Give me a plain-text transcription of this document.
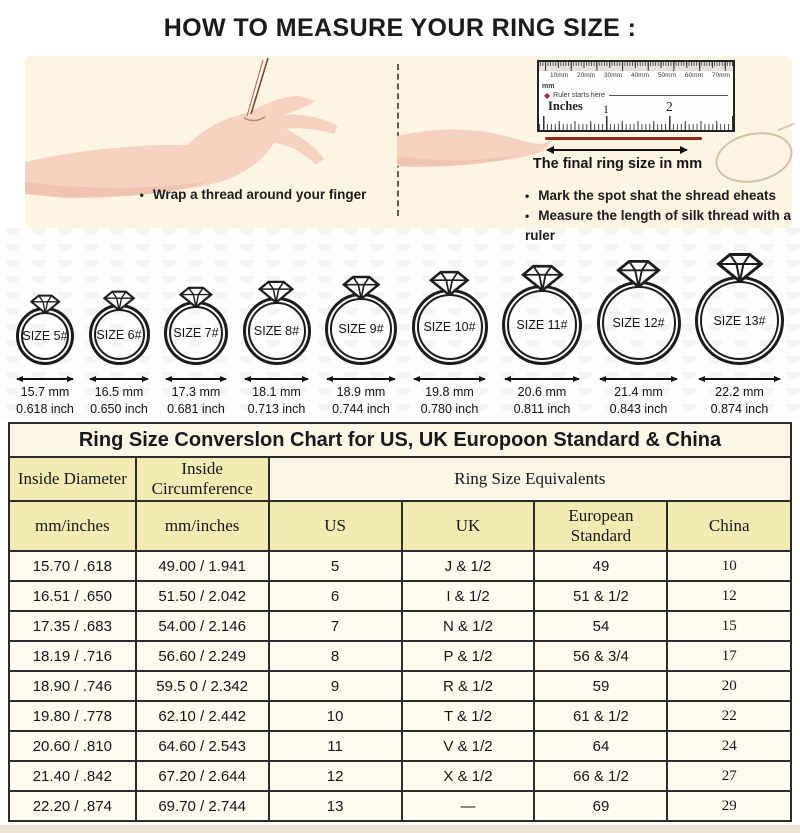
HOW TO MEASURE YOUR RING SIZE :
• Wrap a thread around your finger
10mm 20mm 30mm 40mm 50mm 60mm 70mm
mm
◆ Ruler starts here
Inches 1	2
The final ring size in mm
• Mark the spot shat the shread eheats
• Measure the length of silk thread with a ruler
SIZE 5#
15.7 mm
0.618 inch
SIZE 6#
16.5 mm
0.650 inch
SIZE 7#
17.3 mm
0.681 inch
SIZE 8#
18.1 mm
0.713 inch
SIZE 9#
18.9 mm
0.744 inch
SIZE 10#
19.8 mm
0.780 inch
SIZE 11#
20.6 mm
0.811 inch
SIZE 12#
21.4 mm
0.843 inch
SIZE 13#
22.2 mm
0.874 inch
Ring Size Converslon Chart for US, UK Europoon Standard & China					
Inside Diameter	Inside Circumference	Ring Size Equivalents			
mm/inches	mm/inches	US	UK	European Standard	China
15.70 / .618	49.00 / 1.941	5	J & 1/2	49	10
16.51 / .650	51.50 / 2.042	6	I & 1/2	51 & 1/2	12
17.35 / .683	54.00 / 2.146	7	N & 1/2	54	15
18.19 / .716	56.60 / 2.249	8	P & 1/2	56 & 3/4	17
18.90 / .746	59.5 0 / 2.342	9	R & 1/2	59	20
19.80 / .778	62.10 / 2.442	10	T & 1/2	61 & 1/2	22
20.60 / .810	64.60 / 2.543	11	V & 1/2	64	24
21.40 / .842	67.20 / 2.644	12	X & 1/2	66 & 1/2	27
22.20 / .874	69.70 / 2.744	13	—	69	29
